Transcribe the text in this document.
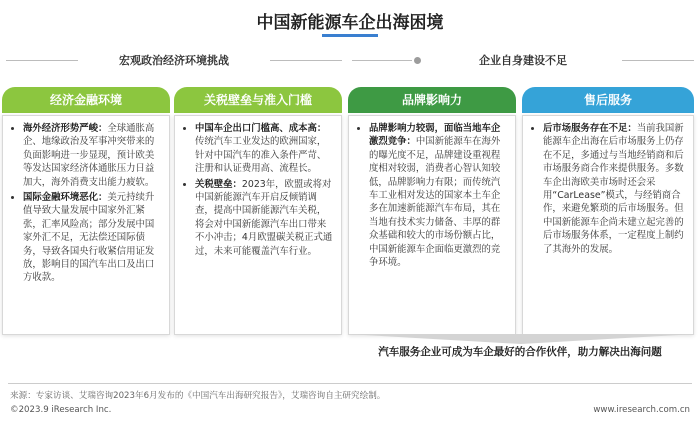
中国新能源车企出海困境
宏观政治经济环境挑战	企业自身建设不足
经济金融环境
• 海外经济形势严峻：全球通胀高企、地缘政治及军事冲突带来的负面影响进一步显现，预计欧美等发达国家经济体通胀压力日益加大，海外消费支出能力疲软。
• 国际金融环境恶化：美元持续升值导致大量发展中国家外汇紧张，汇率风险高；部分发展中国家外汇不足，无法偿还国际债务，导致各国央行收紧信用证发放，影响目的国汽车出口及出口方收款。
关税壁垒与准入门槛
• 中国车企出口门槛高、成本高：传统汽车工业发达的欧洲国家，针对中国汽车的准入条件严苛、注册和认证费用高、流程长。
• 关税壁垒：2023年，欧盟或将对中国新能源汽车开启反倾销调查，提高中国新能源汽车关税，将会对中国新能源汽车出口带来不小冲击；4月欧盟碳关税正式通过，未来可能覆盖汽车行业。
品牌影响力
• 品牌影响力较弱，面临当地车企激烈竞争：中国新能源车在海外的曝光度不足，品牌建设重视程度相对较弱，消费者心智认知较低，品牌影响力有限；而传统汽车工业相对发达的国家本土车企多在加速新能源汽车布局，其在当地有技术实力储备、丰厚的群众基础和较大的市场份额占比，中国新能源车企面临更激烈的竞争环境。
售后服务
• 后市场服务存在不足：当前我国新能源车企出海在后市场服务上仍存在不足，多通过与当地经销商和后市场服务商合作来提供服务。多数车企出海欧美市场时还会采用“CarLease”模式，与经销商合作，来避免繁琐的后市场服务。但中国新能源车企尚未建立起完善的后市场服务体系，一定程度上制约了其海外的发展。
汽车服务企业可成为车企最好的合作伙伴，助力解决出海问题
来源：专家访谈、艾瑞咨询2023年6月发布的《中国汽车出海研究报告》，艾瑞咨询自主研究绘制。
©2023.9 iResearch Inc.	www.iresearch.com.cn
